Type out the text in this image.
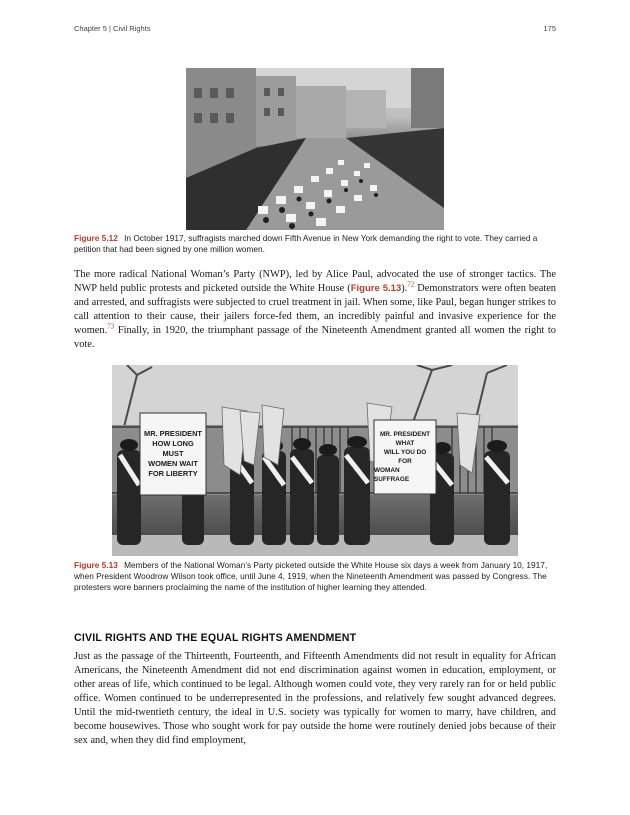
Chapter 5 | Civil Rights	175
Figure 5.12 In October 1917, suffragists marched down Fifth Avenue in New York demanding the right to vote. They carried a petition that had been signed by one million women.

The more radical National Woman’s Party (NWP), led by Alice Paul, advocated the use of stronger tactics. The NWP held public protests and picketed outside the White House (Figure 5.13).$^{72}$ Demonstrators were often beaten and arrested, and suffragists were subjected to cruel treatment in jail. When some, like Paul, began hunger strikes to call attention to their cause, their jailers force-fed them, an incredibly painful and invasive experience for the women.$^{73}$ Finally, in 1920, the triumphant passage of the Nineteenth Amendment granted all women the right to vote.

MR. PRESIDENT
HOW LONG
MUST
WOMEN WAIT
FOR LIBERTY
MR. PRESIDENT
WHAT
WILL YOU DO
FOR
WOMAN SUFFRAGE
Figure 5.13 Members of the National Woman’s Party picketed outside the White House six days a week from January 10, 1917, when President Woodrow Wilson took office, until June 4, 1919, when the Nineteenth Amendment was passed by Congress. The protesters wore banners proclaiming the name of the institution of higher learning they attended.
CIVIL RIGHTS AND THE EQUAL RIGHTS AMENDMENT

Just as the passage of the Thirteenth, Fourteenth, and Fifteenth Amendments did not result in equality for African Americans, the Nineteenth Amendment did not end discrimination against women in education, employment, or other areas of life, which continued to be legal. Although women could vote, they very rarely ran for or held public office. Women continued to be underrepresented in the professions, and relatively few sought advanced degrees. Until the mid-twentieth century, the ideal in U.S. society was typically for women to marry, have children, and become housewives. Those who sought work for pay outside the home were routinely denied jobs because of their sex and, when they did find employment,
